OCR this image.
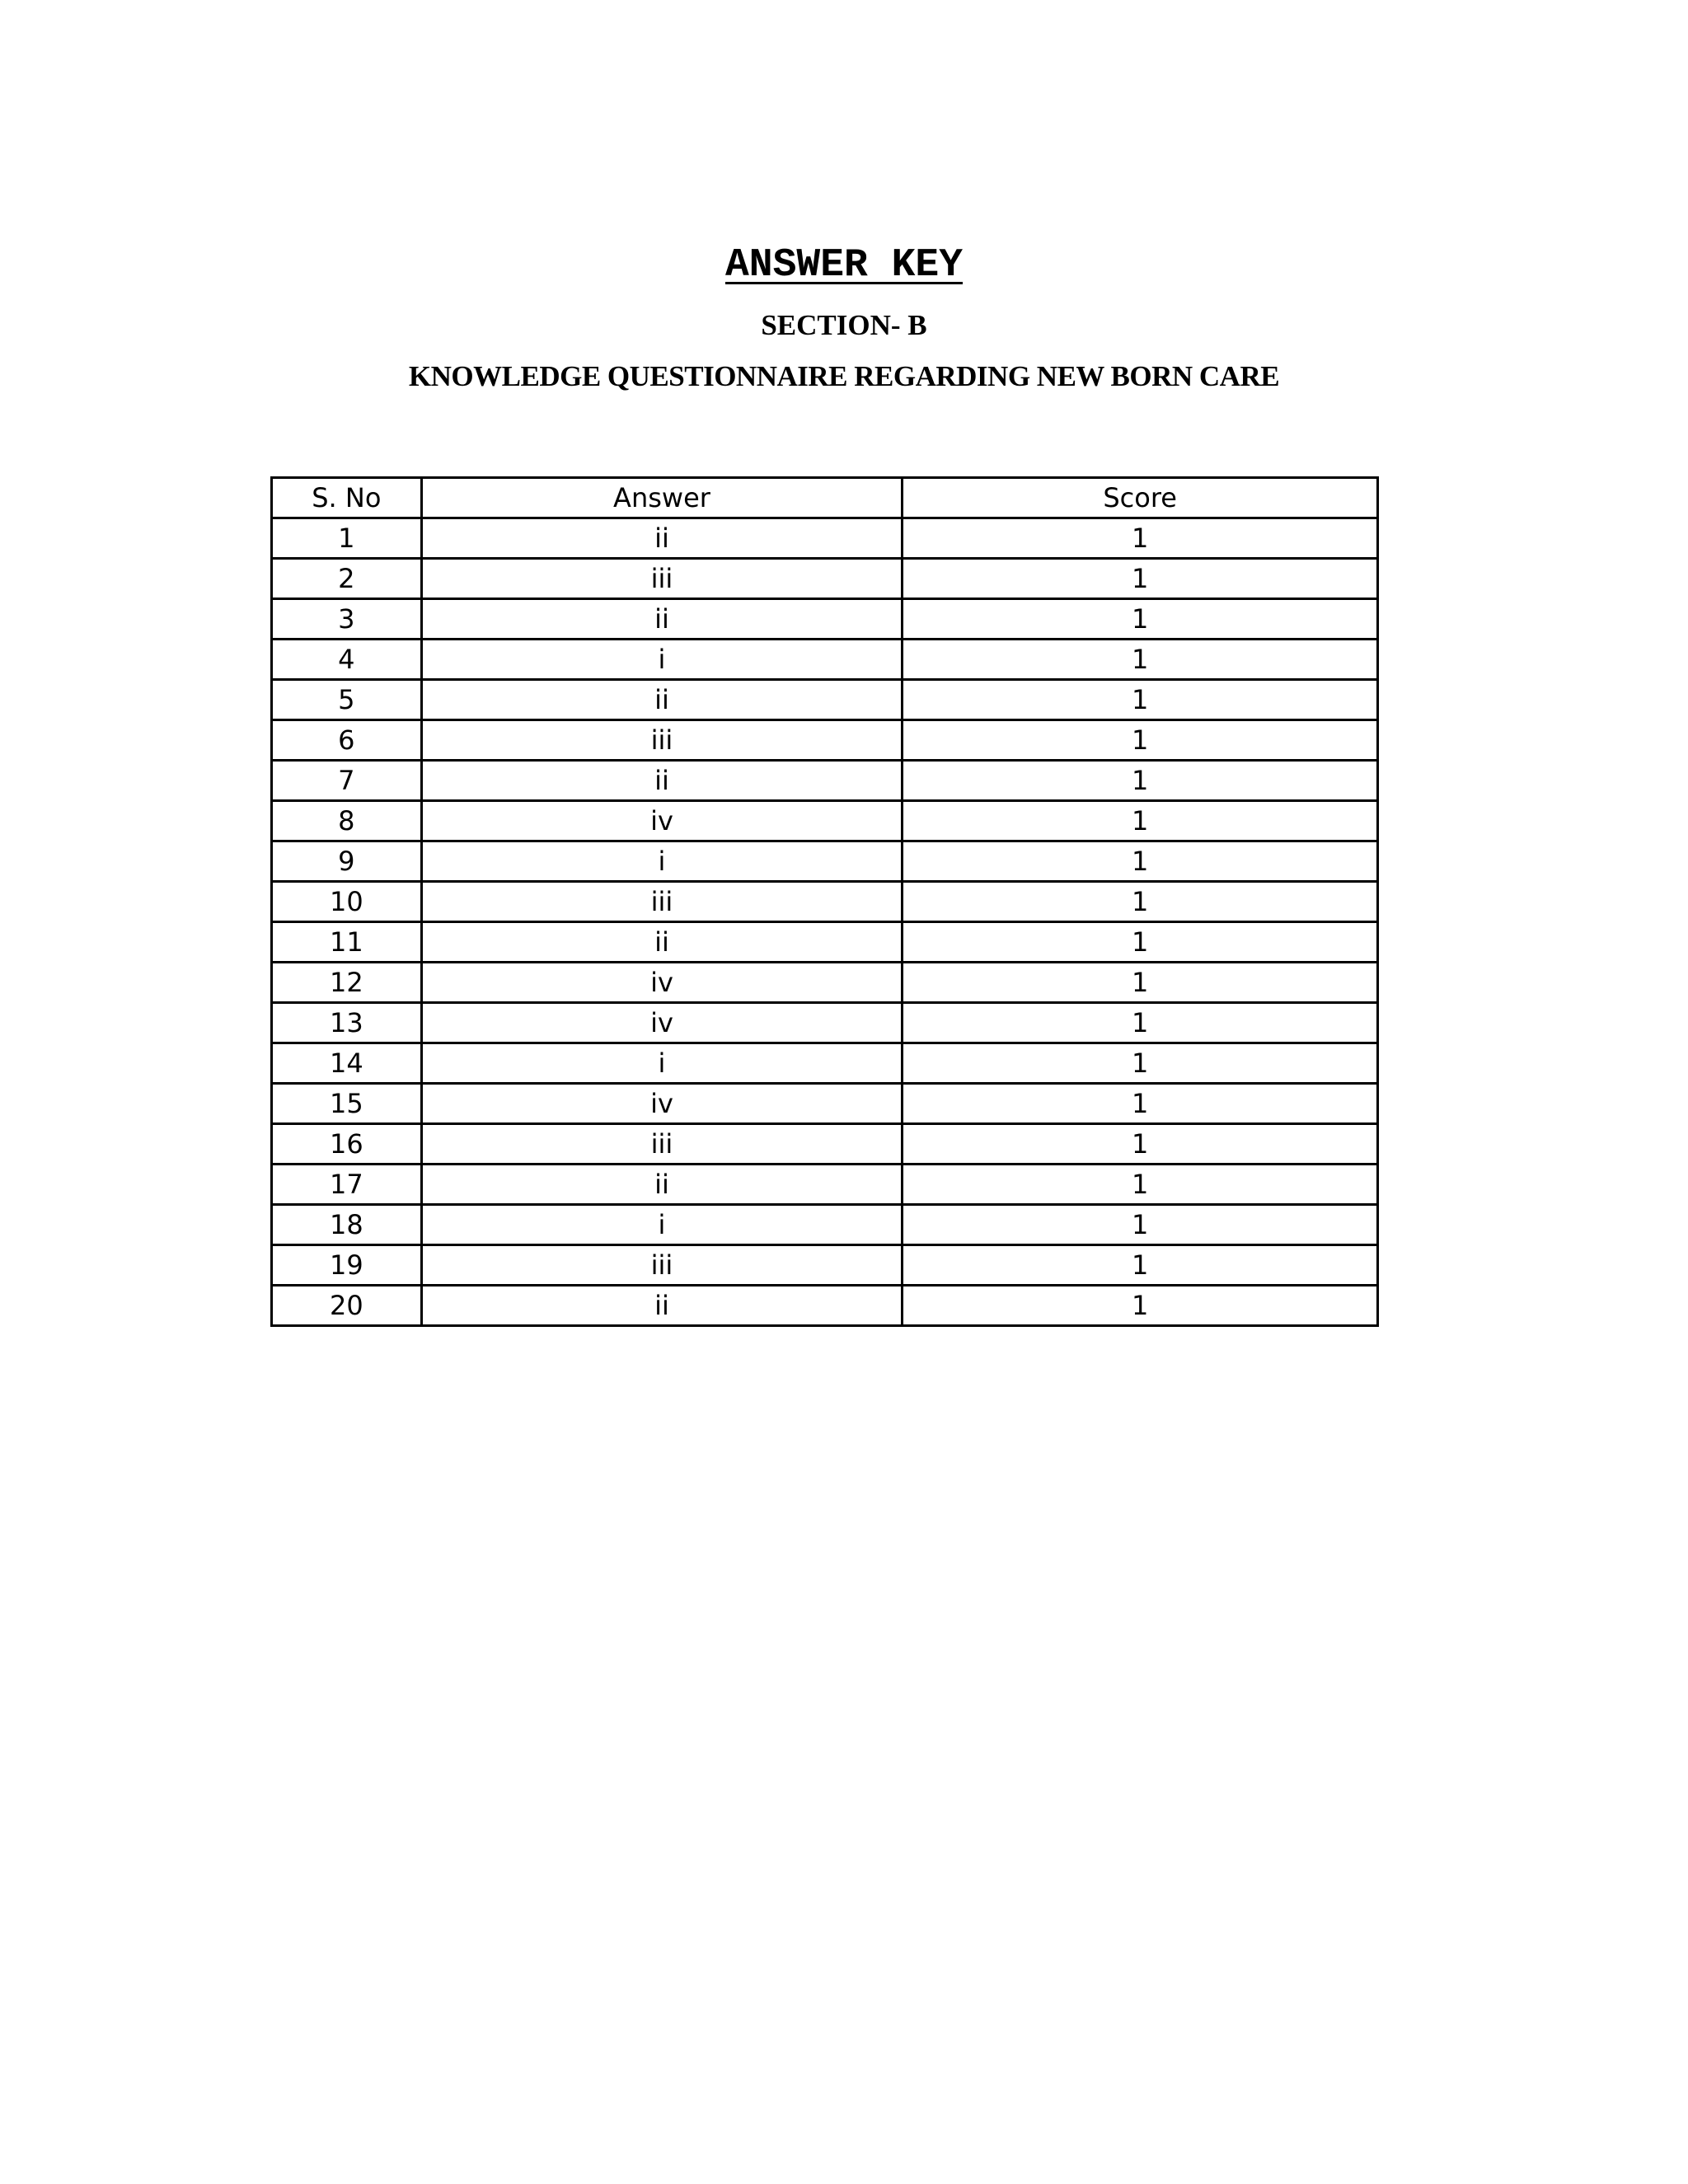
ANSWER KEY
SECTION- B
KNOWLEDGE QUESTIONNAIRE REGARDING NEW BORN CARE
S. No	Answer	Score
1	ii	1
2	iii	1
3	ii	1
4	i	1
5	ii	1
6	iii	1
7	ii	1
8	iv	1
9	i	1
10	iii	1
11	ii	1
12	iv	1
13	iv	1
14	i	1
15	iv	1
16	iii	1
17	ii	1
18	i	1
19	iii	1
20	ii	1
